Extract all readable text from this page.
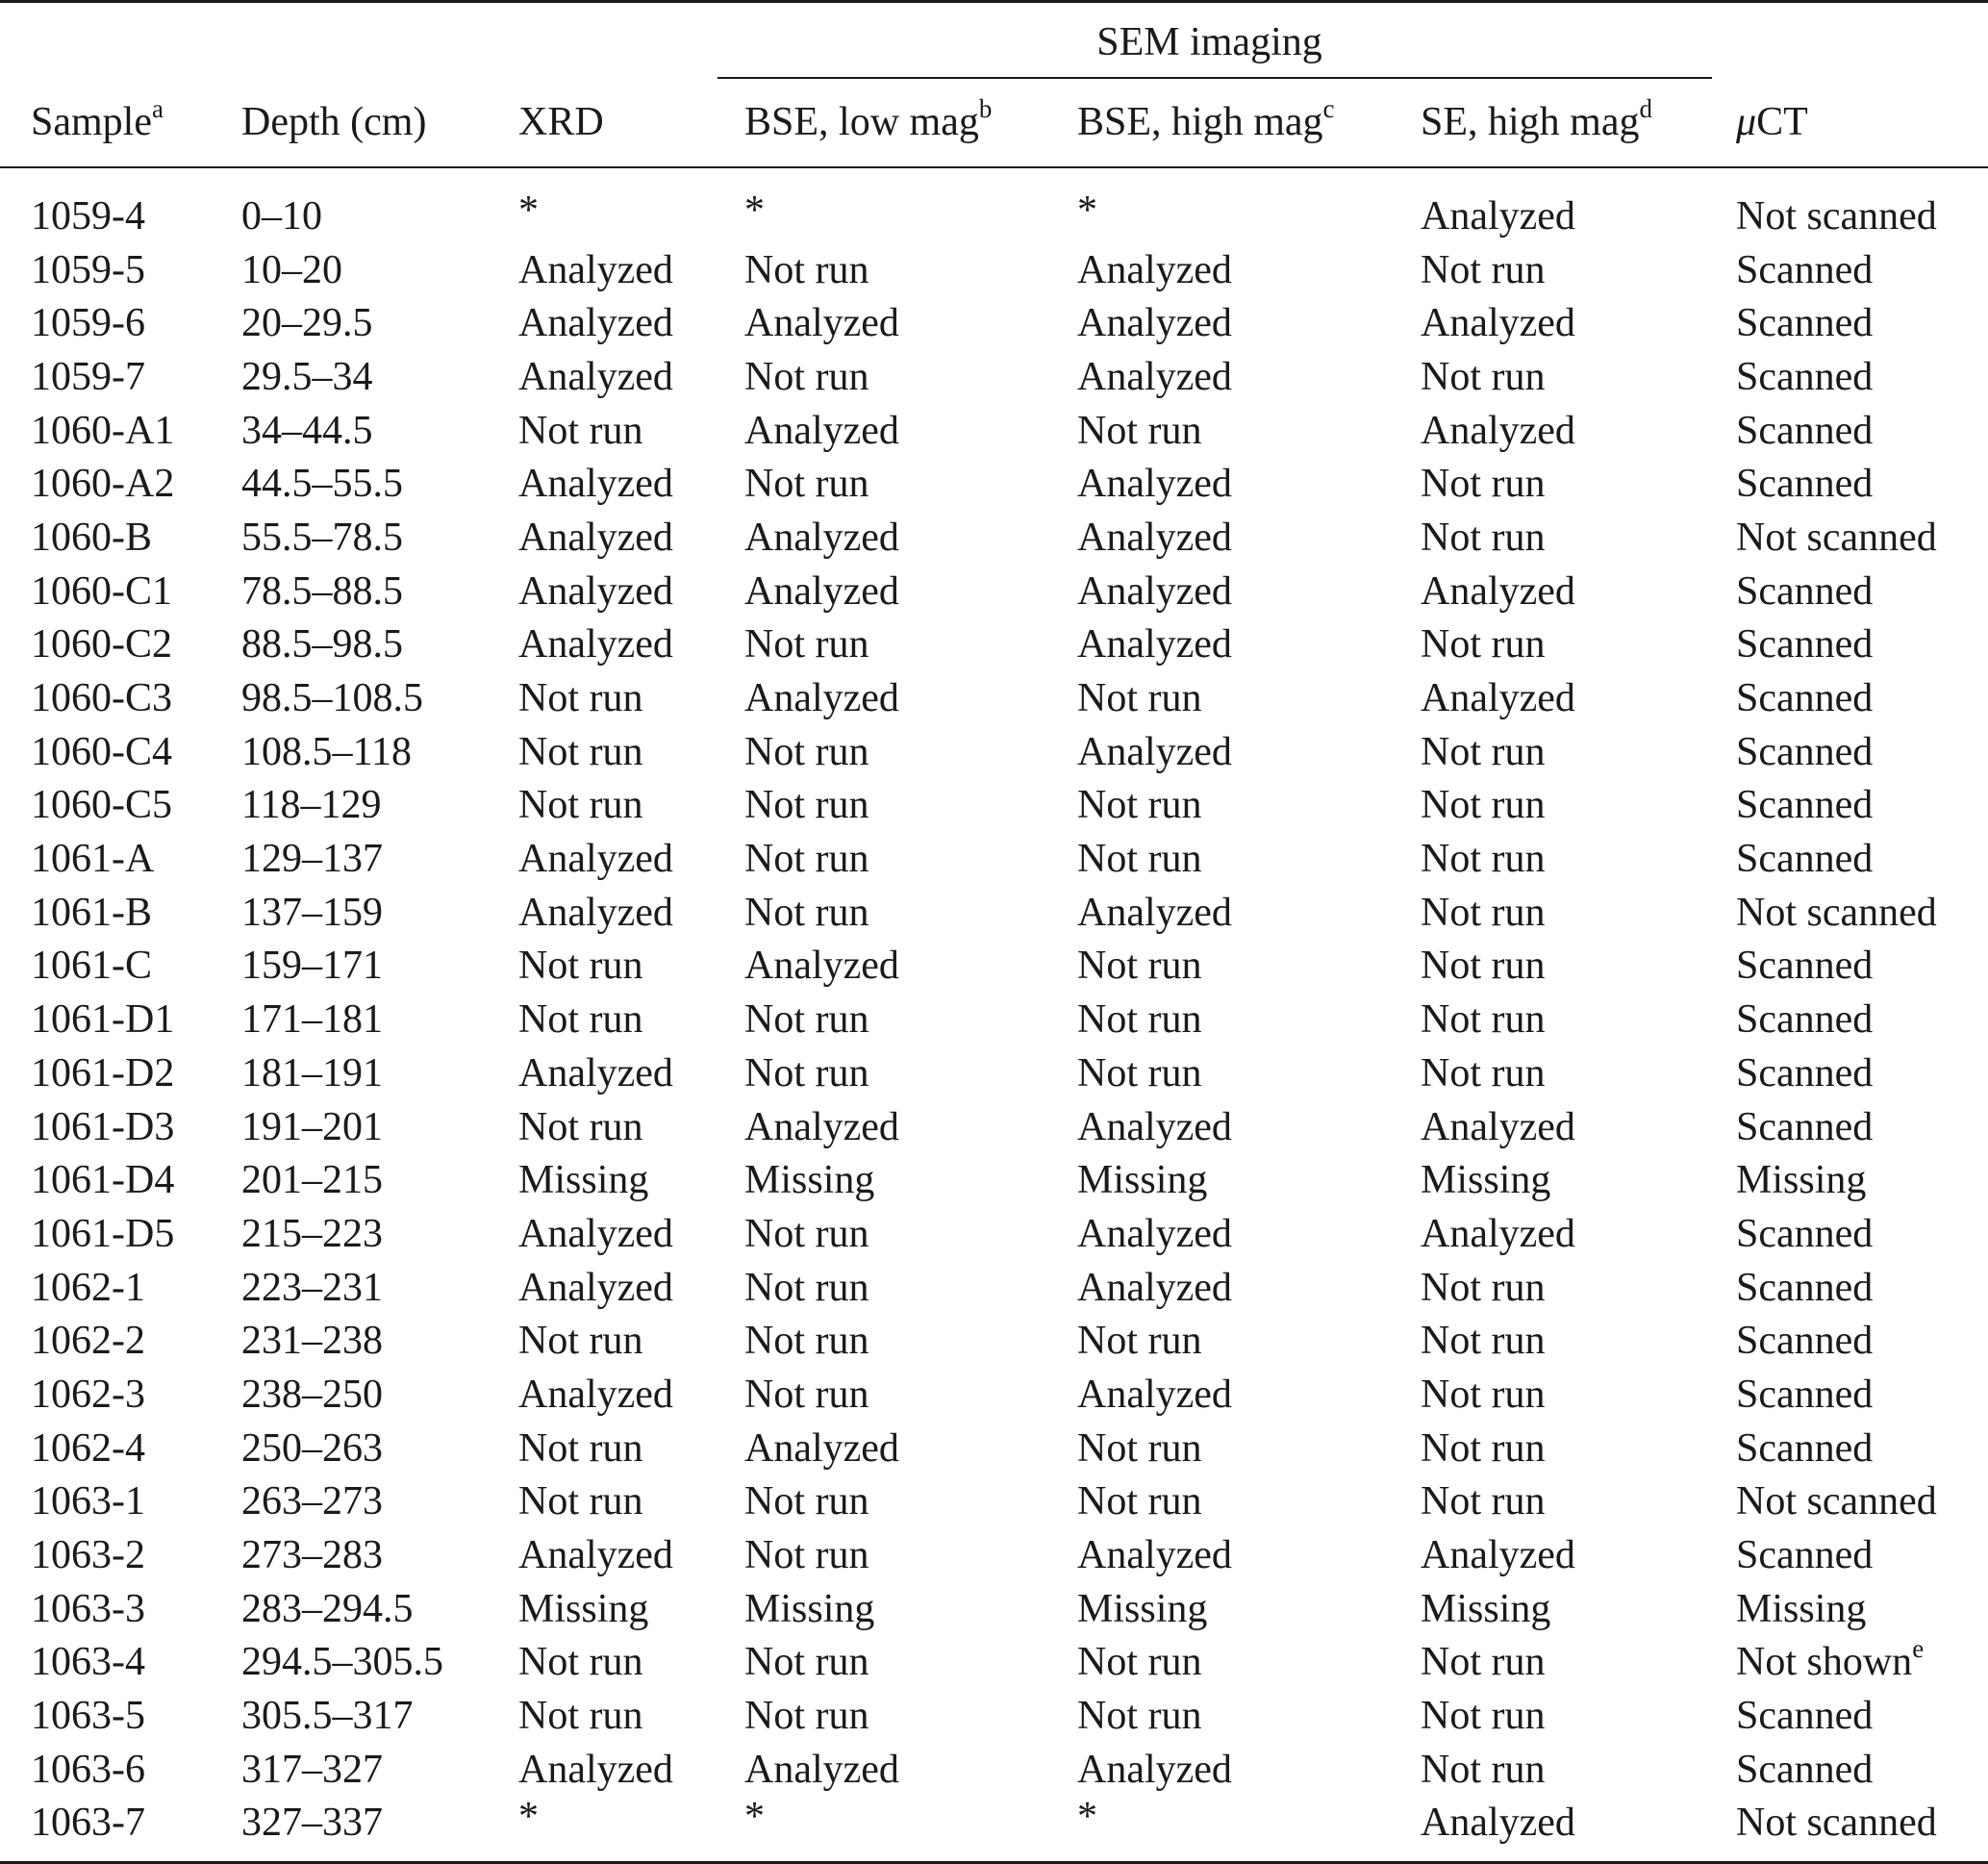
			SEM imaging			

Sample$^a$	Depth (cm)	XRD	BSE, low mag$^b$	BSE, high mag$^c$	SE, high mag$^d$	μCT
1059-4	0–10	*	*	*	Analyzed	Not scanned
1059-5	10–20	Analyzed	Not run	Analyzed	Not run	Scanned
1059-6	20–29.5	Analyzed	Analyzed	Analyzed	Analyzed	Scanned
1059-7	29.5–34	Analyzed	Not run	Analyzed	Not run	Scanned
1060-A1	34–44.5	Not run	Analyzed	Not run	Analyzed	Scanned
1060-A2	44.5–55.5	Analyzed	Not run	Analyzed	Not run	Scanned
1060-B	55.5–78.5	Analyzed	Analyzed	Analyzed	Not run	Not scanned
1060-C1	78.5–88.5	Analyzed	Analyzed	Analyzed	Analyzed	Scanned
1060-C2	88.5–98.5	Analyzed	Not run	Analyzed	Not run	Scanned
1060-C3	98.5–108.5	Not run	Analyzed	Not run	Analyzed	Scanned
1060-C4	108.5–118	Not run	Not run	Analyzed	Not run	Scanned
1060-C5	118–129	Not run	Not run	Not run	Not run	Scanned
1061-A	129–137	Analyzed	Not run	Not run	Not run	Scanned
1061-B	137–159	Analyzed	Not run	Analyzed	Not run	Not scanned
1061-C	159–171	Not run	Analyzed	Not run	Not run	Scanned
1061-D1	171–181	Not run	Not run	Not run	Not run	Scanned
1061-D2	181–191	Analyzed	Not run	Not run	Not run	Scanned
1061-D3	191–201	Not run	Analyzed	Analyzed	Analyzed	Scanned
1061-D4	201–215	Missing	Missing	Missing	Missing	Missing
1061-D5	215–223	Analyzed	Not run	Analyzed	Analyzed	Scanned
1062-1	223–231	Analyzed	Not run	Analyzed	Not run	Scanned
1062-2	231–238	Not run	Not run	Not run	Not run	Scanned
1062-3	238–250	Analyzed	Not run	Analyzed	Not run	Scanned
1062-4	250–263	Not run	Analyzed	Not run	Not run	Scanned
1063-1	263–273	Not run	Not run	Not run	Not run	Not scanned
1063-2	273–283	Analyzed	Not run	Analyzed	Analyzed	Scanned
1063-3	283–294.5	Missing	Missing	Missing	Missing	Missing
1063-4	294.5–305.5	Not run	Not run	Not run	Not run	Not shown$^e$
1063-5	305.5–317	Not run	Not run	Not run	Not run	Scanned
1063-6	317–327	Analyzed	Analyzed	Analyzed	Not run	Scanned
1063-7	327–337	*	*	*	Analyzed	Not scanned
